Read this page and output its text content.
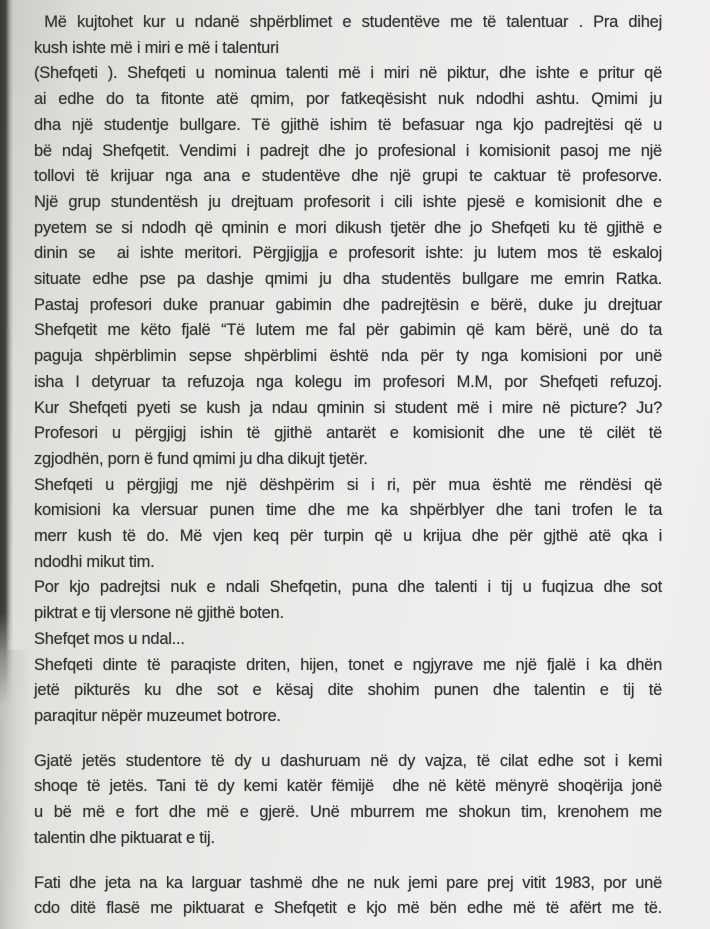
Më kujtohet kur u ndanë shpërblimet e studentëve me të talentuar . Pra dihej
kush ishte më i miri e më i talenturi
(Shefqeti ). Shefqeti u nominua talenti më i miri në piktur, dhe ishte e pritur që
ai edhe do ta fitonte atë qmim, por fatkeqësisht nuk ndodhi ashtu. Qmimi ju
dha një studentje bullgare. Të gjithë ishim të befasuar nga kjo padrejtësi që u
bë ndaj Shefqetit. Vendimi i padrejt dhe jo profesional i komisionit pasoj me një
tollovi të krijuar nga ana e studentëve dhe një grupi te caktuar të profesorve.
Një grup stundentësh ju drejtuam profesorit i cili ishte pjesë e komisionit dhe e
pyetem se si ndodh që qminin e mori dikush tjetër dhe jo Shefqeti ku të gjithë e
dinin se  ai ishte meritori. Përgjigjja e profesorit ishte: ju lutem mos të eskaloj
situate edhe pse pa dashje qmimi ju dha studentës bullgare me emrin Ratka.
Pastaj profesori duke pranuar gabimin dhe padrejtësin e bërë, duke ju drejtuar
Shefqetit me këto fjalë “Të lutem me fal për gabimin që kam bërë, unë do ta
paguja shpërblimin sepse shpërblimi është nda për ty nga komisioni por unë
isha I detyruar ta refuzoja nga kolegu im profesori M.M, por Shefqeti refuzoj.
Kur Shefqeti pyeti se kush ja ndau qminin si student më i mire në picture? Ju?
Profesori u përgjigj ishin të gjithë antarët e komisionit dhe une të cilët të
zgjodhën, porn ë fund qmimi ju dha dikujt tjetër.
Shefqeti u përgjigj me një dëshpërim si i ri, për mua është me rëndësi që
komisioni ka vlersuar punen time dhe me ka shpërblyer dhe tani trofen le ta
merr kush të do. Më vjen keq për turpin që u krijua dhe për gjthë atë qka i
ndodhi mikut tim.
Por kjo padrejtsi nuk e ndali Shefqetin, puna dhe talenti i tij u fuqizua dhe sot
piktrat e tij vlersone në gjithë boten.
Shefqet mos u ndal...
Shefqeti dinte të paraqiste driten, hijen, tonet e ngjyrave me një fjalë i ka dhën
jetë pikturës ku dhe sot e kësaj dite shohim punen dhe talentin e tij të
paraqitur nëpër muzeumet botrore.
Gjatë jetës studentore të dy u dashuruam në dy vajza, të cilat edhe sot i kemi
shoqe të jetës. Tani të dy kemi katër fëmijë  dhe në këtë mënyrë shoqërija jonë
u bë më e fort dhe më e gjerë. Unë mburrem me shokun tim, krenohem me
talentin dhe piktuarat e tij.
Fati dhe jeta na ka larguar tashmë dhe ne nuk jemi pare prej vitit 1983, por unë
cdo ditë flasë me piktuarat e Shefqetit e kjo më bën edhe më të afërt me të.
